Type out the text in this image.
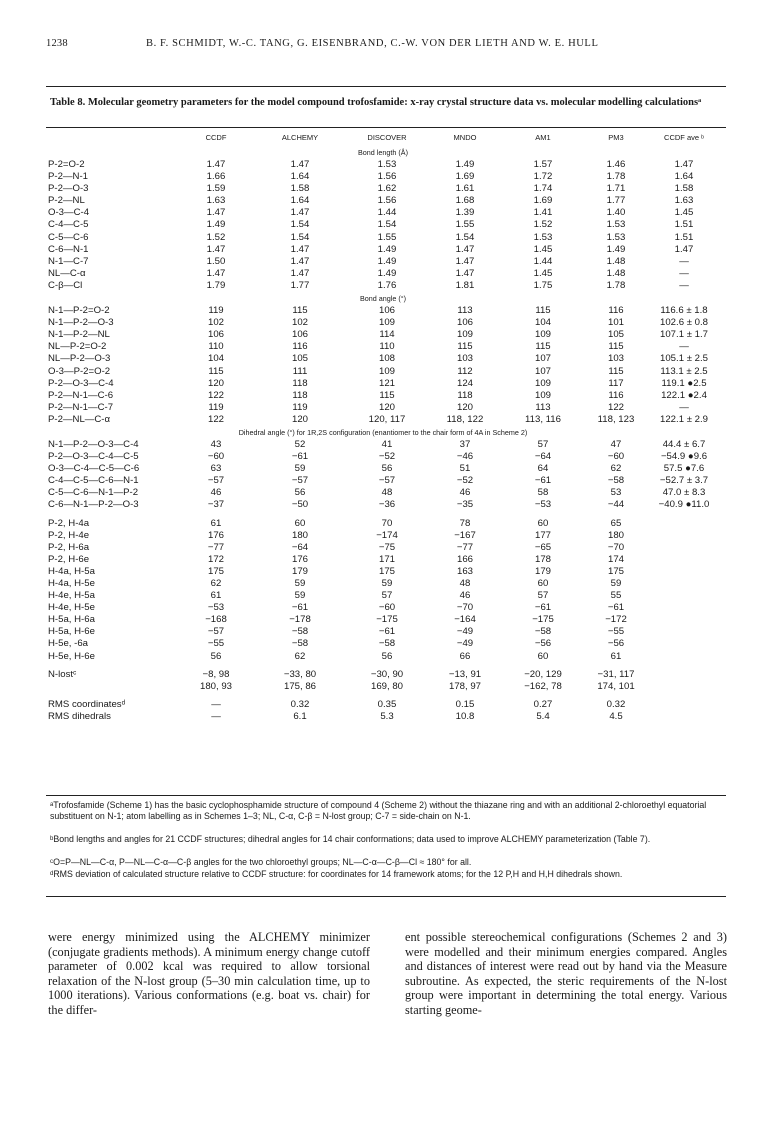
1238	B. F. SCHMIDT, W.-C. TANG, G. EISENBRAND, C.-W. VON DER LIETH AND W. E. HULL
Table 8. Molecular geometry parameters for the model compound trofosfamide: x-ray crystal structure data vs. molecular modelling calculationsᵃ
	CCDF	ALCHEMY	DISCOVER	MNDO	AM1	PM3	CCDF ave ᵇ
Bond length (Å)							
P-2=O-2	1.47	1.47	1.53	1.49	1.57	1.46	1.47
P-2—N-1	1.66	1.64	1.56	1.69	1.72	1.78	1.64
P-2—O-3	1.59	1.58	1.62	1.61	1.74	1.71	1.58
P-2—NL	1.63	1.64	1.56	1.68	1.69	1.77	1.63
O-3—C-4	1.47	1.47	1.44	1.39	1.41	1.40	1.45
C-4—C-5	1.49	1.54	1.54	1.55	1.52	1.53	1.51
C-5—C-6	1.52	1.54	1.55	1.54	1.53	1.53	1.51
C-6—N-1	1.47	1.47	1.49	1.47	1.45	1.49	1.47
N-1—C-7	1.50	1.47	1.49	1.47	1.44	1.48	—
NL—C-α	1.47	1.47	1.49	1.47	1.45	1.48	—
C-β—Cl	1.79	1.77	1.76	1.81	1.75	1.78	—
Bond angle (°)							
N-1—P-2=O-2	119	115	106	113	115	116	116.6 ± 1.8
N-1—P-2—O-3	102	102	109	106	104	101	102.6 ± 0.8
N-1—P-2—NL	106	106	114	109	109	105	107.1 ± 1.7
NL—P-2=O-2	110	116	110	115	115	115	—
NL—P-2—O-3	104	105	108	103	107	103	105.1 ± 2.5
O-3—P-2=O-2	115	111	109	112	107	115	113.1 ± 2.5
P-2—O-3—C-4	120	118	121	124	109	117	119.1 ●2.5
P-2—N-1—C-6	122	118	115	118	109	116	122.1 ●2.4
P-2—N-1—C-7	119	119	120	120	113	122	—
P-2—NL—C-α	122	120	120, 117	118, 122	113, 116	118, 123	122.1 ± 2.9
Dihedral angle (°) for 1R,2S configuration (enantiomer to the chair form of 4A in Scheme 2)							
N-1—P-2—O-3—C-4	43	52	41	37	57	47	44.4 ± 6.7
P-2—O-3—C-4—C-5	−60	−61	−52	−46	−64	−60	−54.9 ●9.6
O-3—C-4—C-5—C-6	63	59	56	51	64	62	57.5 ●7.6
C-4—C-5—C-6—N-1	−57	−57	−57	−52	−61	−58	−52.7 ± 3.7
C-5—C-6—N-1—P-2	46	56	48	46	58	53	47.0 ± 8.3
C-6—N-1—P-2—O-3	−37	−50	−36	−35	−53	−44	−40.9 ●11.0

P-2, H-4a	61	60	70	78	60	65	
P-2, H-4e	176	180	−174	−167	177	180	
P-2, H-6a	−77	−64	−75	−77	−65	−70	
P-2, H-6e	172	176	171	166	178	174	
H-4a, H-5a	175	179	175	163	179	175	
H-4a, H-5e	62	59	59	48	60	59	
H-4e, H-5a	61	59	57	46	57	55	
H-4e, H-5e	−53	−61	−60	−70	−61	−61	
H-5a, H-6a	−168	−178	−175	−164	−175	−172	
H-5a, H-6e	−57	−58	−61	−49	−58	−55	
H-5e, -6a	−55	−58	−58	−49	−56	−56	
H-5e, H-6e	56	62	56	66	60	61	

N-lostᶜ	−8, 98	−33, 80	−30, 90	−13, 91	−20, 129	−31, 117	
	180, 93	175, 86	169, 80	178, 97	−162, 78	174, 101	

RMS coordinatesᵈ	—	0.32	0.35	0.15	0.27	0.32	
RMS dihedrals	—	6.1	5.3	10.8	5.4	4.5	
ᵃTrofosfamide (Scheme 1) has the basic cyclophosphamide structure of compound 4 (Scheme 2) without the thiazane ring and with an additional 2-chloroethyl equatorial substituent on N-1; atom labelling as in Schemes 1–3; NL, C-α, C-β = N-lost group; C-7 = side-chain on N-1.
ᵇBond lengths and angles for 21 CCDF structures; dihedral angles for 14 chair conformations; data used to improve ALCHEMY parameterization (Table 7).
ᶜO=P—NL—C-α, P—NL—C-α—C-β angles for the two chloroethyl groups; NL—C-α—C-β—Cl ≈ 180° for all.
ᵈRMS deviation of calculated structure relative to CCDF structure: for coordinates for 14 framework atoms; for the 12 P,H and H,H dihedrals shown.

were energy minimized using the ALCHEMY minimizer (conjugate gradients methods). A minimum energy change cutoff parameter of 0.002 kcal was required to allow torsional relaxation of the N-lost group (5–30 min calculation time, up to 1000 iterations). Various conformations (e.g. boat vs. chair) for the differ-

ent possible stereochemical configurations (Schemes 2 and 3) were modelled and their minimum energies compared. Angles and distances of interest were read out by hand via the Measure subroutine. As expected, the steric requirements of the N-lost group were important in determining the total energy. Various starting geome-
